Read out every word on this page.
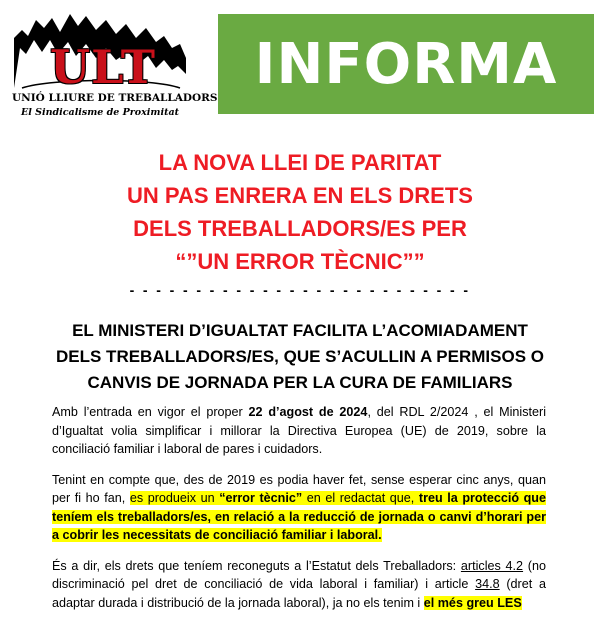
ULT
UNIÓ LLIURE DE TREBALLADORS
El Sindicalisme de Proximitat
INFORMA
LA NOVA LLEI DE PARITAT
UN PAS ENRERA EN ELS DRETS
DELS TREBALLADORS/ES PER
“”UN ERROR TÈCNIC””
- - - - - - - - - - - - - - - - - - - - - - - - - -
EL MINISTERI D’IGUALTAT FACILITA L’ACOMIADAMENT
DELS TREBALLADORS/ES, QUE S’ACULLIN A PERMISOS O
CANVIS DE JORNADA PER LA CURA DE FAMILIARS

Amb l’entrada en vigor el proper 22 d’agost de 2024, del RDL 2/2024 , el Ministeri d’Igualtat volia simplificar i millorar la Directiva Europea (UE) de 2019, sobre la conciliació familiar i laboral de pares i cuidadors.

Tenint en compte que, des de 2019 es podia haver fet, sense esperar cinc anys, quan per fi ho fan, es produeix un “error tècnic” en el redactat que, treu la protecció que teníem els treballadors/es, en relació a la reducció de jornada o canvi d’horari per a cobrir les necessitats de conciliació familiar i laboral.

És a dir, els drets que teníem reconeguts a l’Estatut dels Treballadors: articles 4.2 (no discriminació pel dret de conciliació de vida laboral i familiar) i article 34.8 (dret a adaptar durada i distribució de la jornada laboral), ja no els tenim i el més greu LES
